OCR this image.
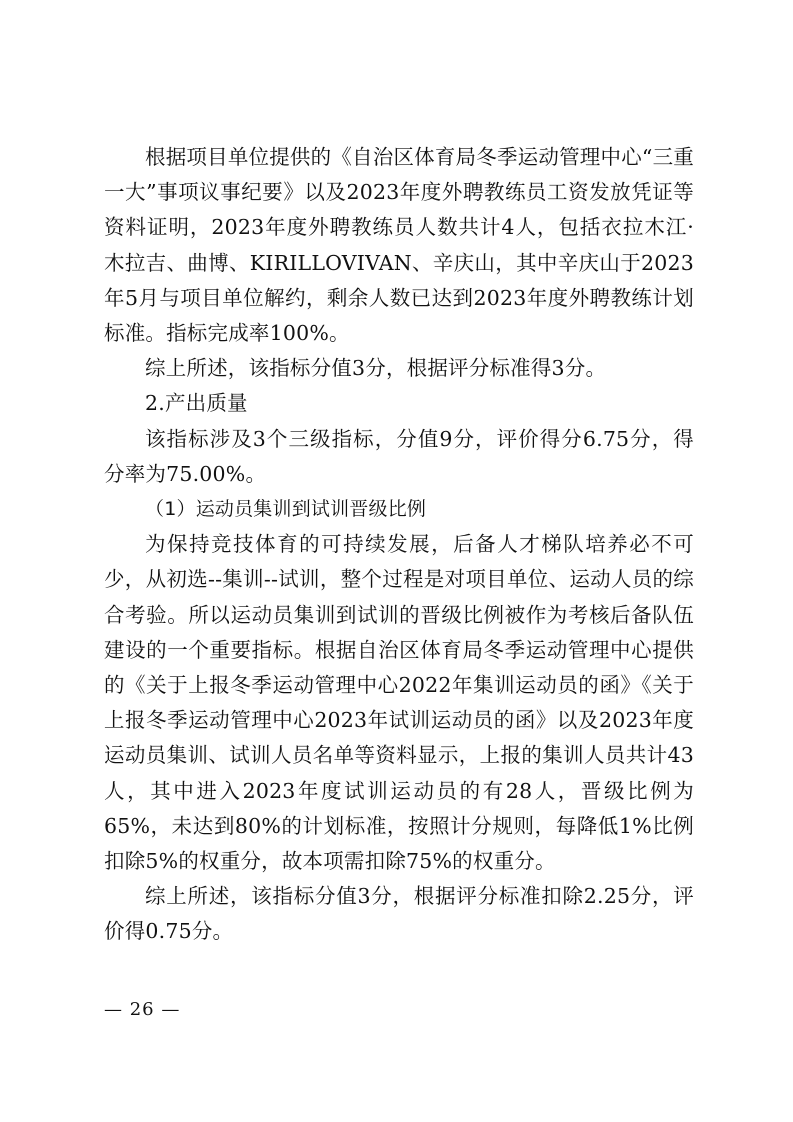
根据项目单位提供的《自治区体育局冬季运动管理中心“三重一大”事项议事纪要》以及2023年度外聘教练员工资发放凭证等资料证明，2023年度外聘教练员人数共计4人，包括衣拉木江·木拉吉、曲博、KIRILLOVIVAN、辛庆山，其中辛庆山于2023年5月与项目单位解约，剩余人数已达到2023年度外聘教练计划标准。指标完成率100%。

综上所述，该指标分值3分，根据评分标准得3分。

2.产出质量

该指标涉及3个三级指标，分值9分，评价得分6.75分，得分率为75.00%。

（1）运动员集训到试训晋级比例

为保持竞技体育的可持续发展，后备人才梯队培养必不可少，从初选--集训--试训，整个过程是对项目单位、运动人员的综合考验。所以运动员集训到试训的晋级比例被作为考核后备队伍建设的一个重要指标。根据自治区体育局冬季运动管理中心提供的《关于上报冬季运动管理中心2022年集训运动员的函》《关于上报冬季运动管理中心2023年试训运动员的函》以及2023年度运动员集训、试训人员名单等资料显示，上报的集训人员共计43人，其中进入2023年度试训运动员的有28人，晋级比例为65%，未达到80%的计划标准，按照计分规则，每降低1%比例扣除5%的权重分，故本项需扣除75%的权重分。

综上所述，该指标分值3分，根据评分标准扣除2.25分，评价得0.75分。

— 26 —
